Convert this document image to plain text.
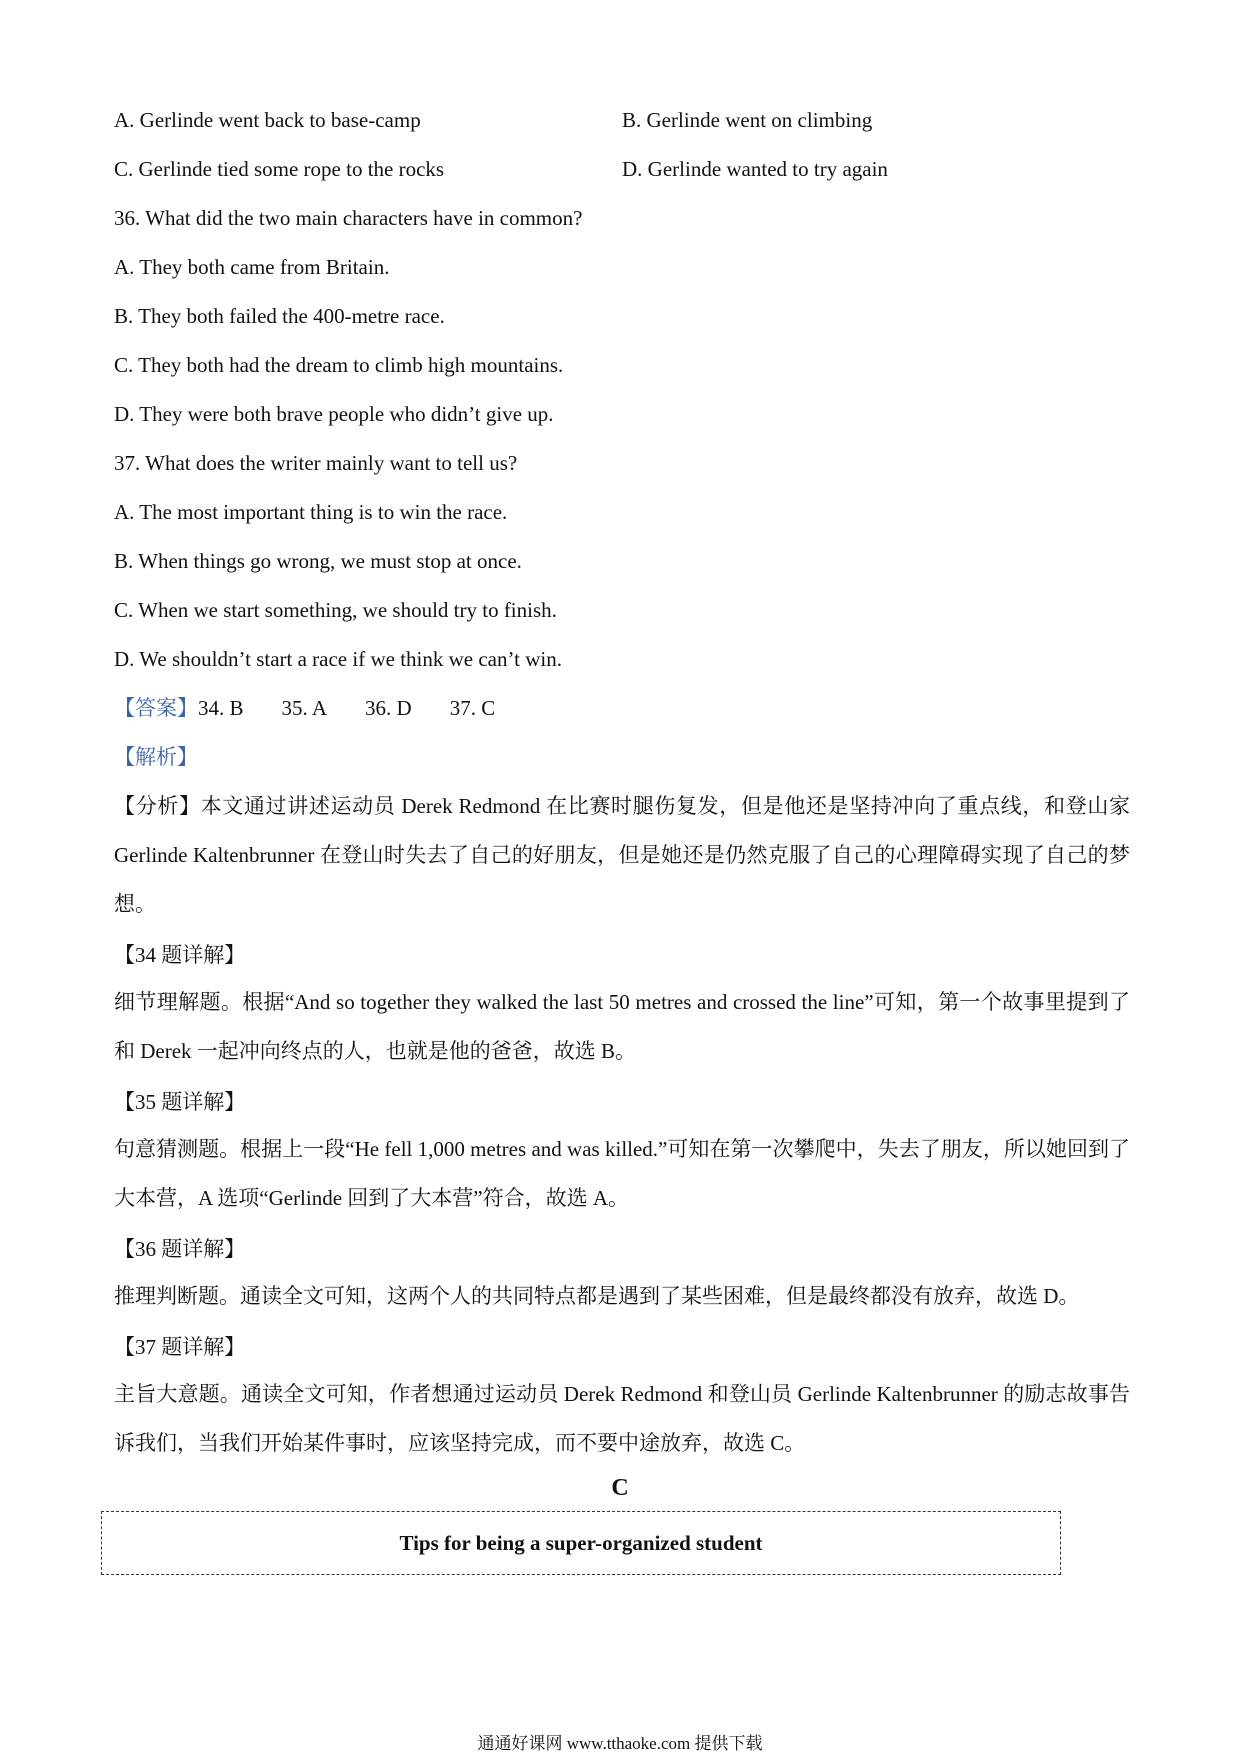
A. Gerlinde went back to base-camp	B. Gerlinde went on climbing
C. Gerlinde tied some rope to the rocks	D. Gerlinde wanted to try again
36. What did the two main characters have in common?
A. They both came from Britain.
B. They both failed the 400-metre race.
C. They both had the dream to climb high mountains.
D. They were both brave people who didn’t give up.
37. What does the writer mainly want to tell us?
A. The most important thing is to win the race.
B. When things go wrong, we must stop at once.
C. When we start something, we should try to finish.
D. We shouldn’t start a race if we think we can’t win.
【答案】34. B 35. A 36. D 37. C
【解析】
【分析】本文通过讲述运动员 Derek Redmond 在比赛时腿伤复发，但是他还是坚持冲向了重点线，和登山家 Gerlinde Kaltenbrunner 在登山时失去了自己的好朋友，但是她还是仍然克服了自己的心理障碍实现了自己的梦想。
【34 题详解】
细节理解题。根据“And so together they walked the last 50 metres and crossed the line”可知，第一个故事里提到了和 Derek 一起冲向终点的人，也就是他的爸爸，故选 B。
【35 题详解】
句意猜测题。根据上一段“He fell 1,000 metres and was killed.”可知在第一次攀爬中，失去了朋友，所以她回到了大本营，A 选项“Gerlinde 回到了大本营”符合，故选 A。
【36 题详解】
推理判断题。通读全文可知，这两个人的共同特点都是遇到了某些困难，但是最终都没有放弃，故选 D。
【37 题详解】
主旨大意题。通读全文可知，作者想通过运动员 Derek Redmond 和登山员 Gerlinde Kaltenbrunner 的励志故事告诉我们，当我们开始某件事时，应该坚持完成，而不要中途放弃，故选 C。
C
Tips for being a super-organized student
通通好课网 www.tthaoke.com 提供下载
